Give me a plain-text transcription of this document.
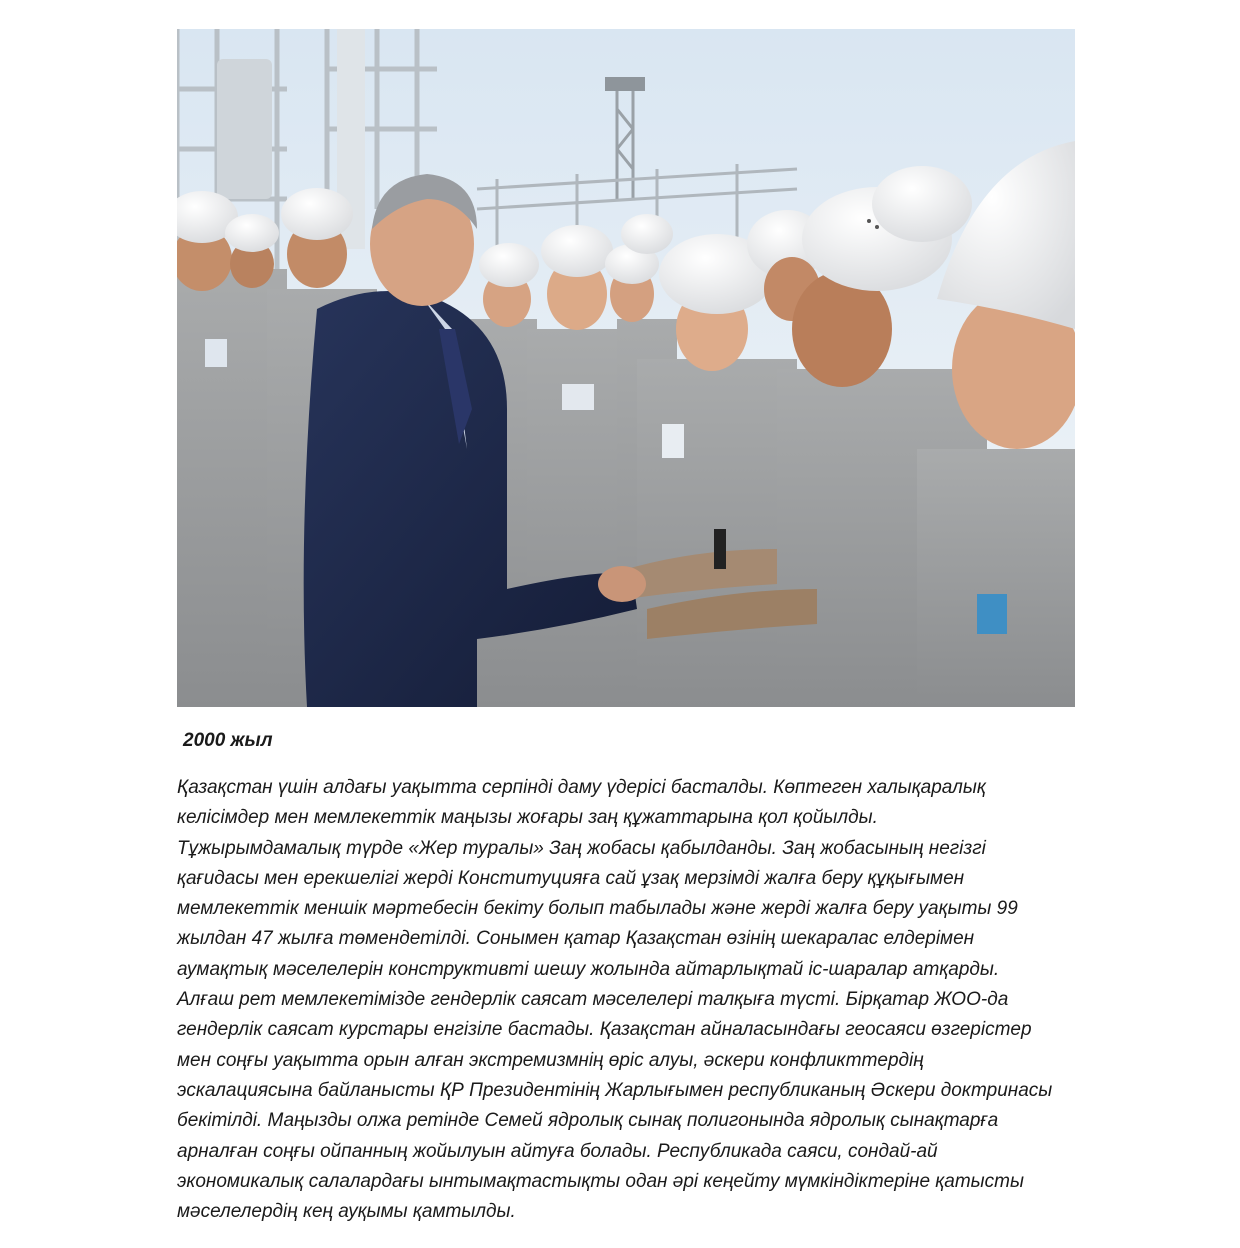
2000 жыл

Қазақстан үшін алдағы уақытта серпінді даму үдерісі басталды. Көптеген халықаралық
келісімдер мен мемлекеттік маңызы жоғары заң құжаттарына қол қойылды.
Тұжырымдамалық түрде «Жер туралы» Заң жобасы қабылданды. Заң жобасының негізгі
қағидасы мен ерекшелігі жерді Конституцияға сай ұзақ мерзімді жалға беру құқығымен
мемлекеттік меншік мәртебесін бекіту болып табылады және жерді жалға беру уақыты 99
жылдан 47 жылға төмендетілді. Сонымен қатар Қазақстан өзінің шекаралас елдерімен
аумақтық мәселелерін конструктивті шешу жолында айтарлықтай іс-шаралар атқарды.
Алғаш рет мемлекетімізде гендерлік саясат мәселелері талқыға түсті. Бірқатар ЖОО-да
гендерлік саясат курстары енгізіле бастады. Қазақстан айналасындағы геосаяси өзгерістер
мен соңғы уақытта орын алған экстремизмнің өріс алуы, әскери конфликттердің
эскалациясына байланысты ҚР Президентінің Жарлығымен республиканың Әскери доктринасы
бекітілді. Маңызды олжа ретінде Семей ядролық сынақ полигонында ядролық сынақтарға
арналған соңғы ойпанның жойылуын айтуға болады. Республикада саяси, сондай-ай
экономикалық салалардағы ынтымақтастықты одан әрі кеңейту мүмкіндіктеріне қатысты
мәселелердің кең ауқымы қамтылды.
